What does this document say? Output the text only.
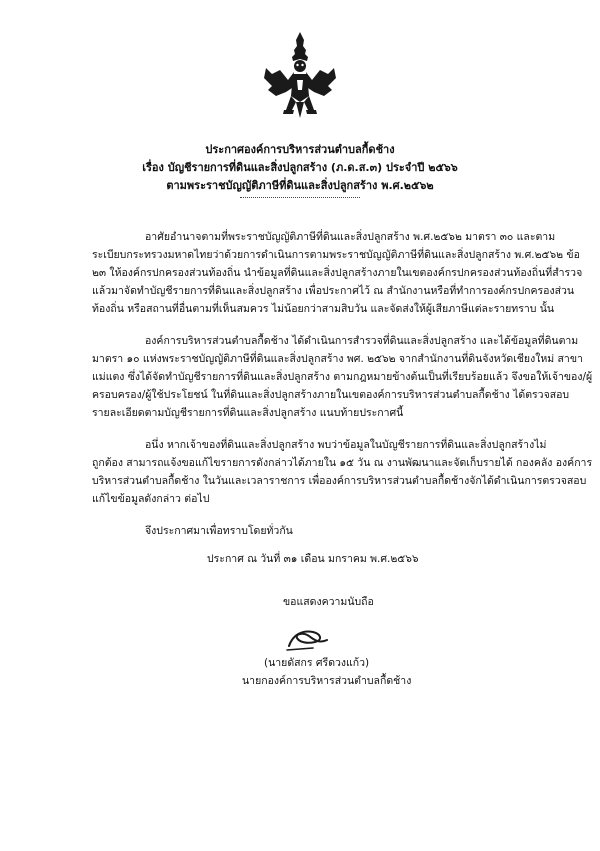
ประกาศองค์การบริหารส่วนตำบลกื้ดช้าง
เรื่อง บัญชีรายการที่ดินและสิ่งปลูกสร้าง (ภ.ด.ส.๓) ประจำปี ๒๕๖๖
ตามพระราชบัญญัติภาษีที่ดินและสิ่งปลูกสร้าง พ.ศ.๒๕๖๒
อาศัยอำนาจตามที่พระราชบัญญัติภาษีที่ดินและสิ่งปลูกสร้าง พ.ศ.๒๕๖๒ มาตรา ๓๐ และตาม
ระเบียบกระทรวงมหาดไทยว่าด้วยการดำเนินการตามพระราชบัญญัติภาษีที่ดินและสิ่งปลูกสร้าง พ.ศ.๒๕๖๒ ข้อ
๒๓ ให้องค์กรปกครองส่วนท้องถิ่น นำข้อมูลที่ดินและสิ่งปลูกสร้างภายในเขตองค์กรปกครองส่วนท้องถิ่นที่สำรวจ
แล้วมาจัดทำบัญชีรายการที่ดินและสิ่งปลูกสร้าง เพื่อประกาศไว้ ณ สำนักงานหรือที่ทำการองค์กรปกครองส่วน
ท้องถิ่น หรือสถานที่อื่นตามที่เห็นสมควร ไม่น้อยกว่าสามสิบวัน และจัดส่งให้ผู้เสียภาษีแต่ละรายทราบ นั้น
องค์การบริหารส่วนตำบลกื้ดช้าง ได้ดำเนินการสำรวจที่ดินและสิ่งปลูกสร้าง และได้ข้อมูลที่ดินตาม
มาตรา ๑๐ แห่งพระราชบัญญัติภาษีที่ดินและสิ่งปลูกสร้าง พศ. ๒๕๖๒ จากสำนักงานที่ดินจังหวัดเชียงใหม่ สาขา
แม่แตง ซึ่งได้จัดทำบัญชีรายการที่ดินและสิ่งปลูกสร้าง ตามกฎหมายข้างต้นเป็นที่เรียบร้อยแล้ว จึงขอให้เจ้าของ/ผู้
ครอบครอง/ผู้ใช้ประโยชน์ ในที่ดินและสิ่งปลูกสร้างภายในเขตองค์การบริหารส่วนตำบลกื้ดช้าง ได้ตรวจสอบ
รายละเอียดตามบัญชีรายการที่ดินและสิ่งปลูกสร้าง แนบท้ายประกาศนี้
อนึ่ง หากเจ้าของที่ดินและสิ่งปลูกสร้าง พบว่าข้อมูลในบัญชีรายการที่ดินและสิ่งปลูกสร้างไม่
ถูกต้อง สามารถแจ้งขอแก้ไขรายการดังกล่าวได้ภายใน ๑๕ วัน ณ งานพัฒนาและจัดเก็บรายได้ กองคลัง องค์การ
บริหารส่วนตำบลกื้ดช้าง ในวันและเวลาราชการ เพื่อองค์การบริหารส่วนตำบลกื้ดช้างจักได้ดำเนินการตรวจสอบ
แก้ไขข้อมูลดังกล่าว ต่อไป
จึงประกาศมาเพื่อทราบโดยทั่วกัน
ประกาศ ณ วันที่ ๓๑ เดือน มกราคม พ.ศ.๒๕๖๖
ขอแสดงความนับถือ
(นายดัสกร ศรีดวงแก้ว)
นายกองค์การบริหารส่วนตำบลกื้ดช้าง
